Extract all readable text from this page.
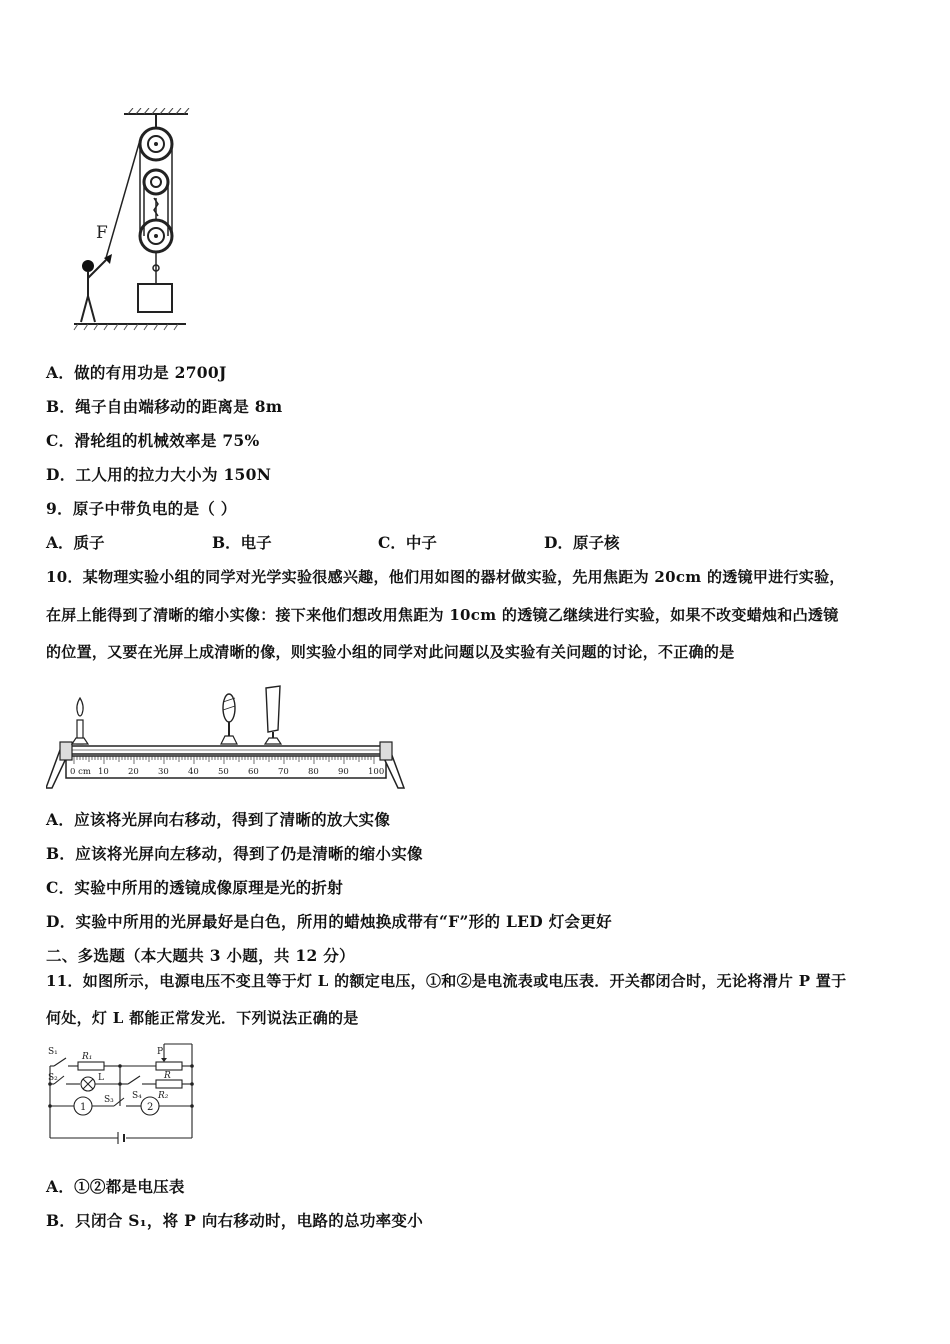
F
A．做的有用功是 2700J
B．绳子自由端移动的距离是 8m
C．滑轮组的机械效率是 75%
D．工人用的拉力大小为 150N
9．原子中带负电的是（ ）
A．质子	B．电子	C．中子	D．原子核
10．某物理实验小组的同学对光学实验很感兴趣，他们用如图的器材做实验，先用焦距为 20cm 的透镜甲进行实验，
在屏上能得到了清晰的缩小实像：接下来他们想改用焦距为 10cm 的透镜乙继续进行实验，如果不改变蜡烛和凸透镜
的位置，又要在光屏上成清晰的像，则实验小组的同学对此问题以及实验有关问题的讨论，不正确的是
0 cm 10 20 30 40 50 60 70 80 90 100
A．应该将光屏向右移动，得到了清晰的放大实像
B．应该将光屏向左移动，得到了仍是清晰的缩小实像
C．实验中所用的透镜成像原理是光的折射
D．实验中所用的光屏最好是白色，所用的蜡烛换成带有“F”形的 LED 灯会更好
二、多选题（本大题共 3 小题，共 12 分）
11．如图所示，电源电压不变且等于灯 L 的额定电压，①和②是电流表或电压表．开关都闭合时，无论将滑片 P 置于
何处，灯 L 都能正常发光．下列说法正确的是
S₁	R₁	P
R
S₂	L
S₃ S₄ R₂
1	2
A．①②都是电压表
B．只闭合 S₁，将 P 向右移动时，电路的总功率变小
